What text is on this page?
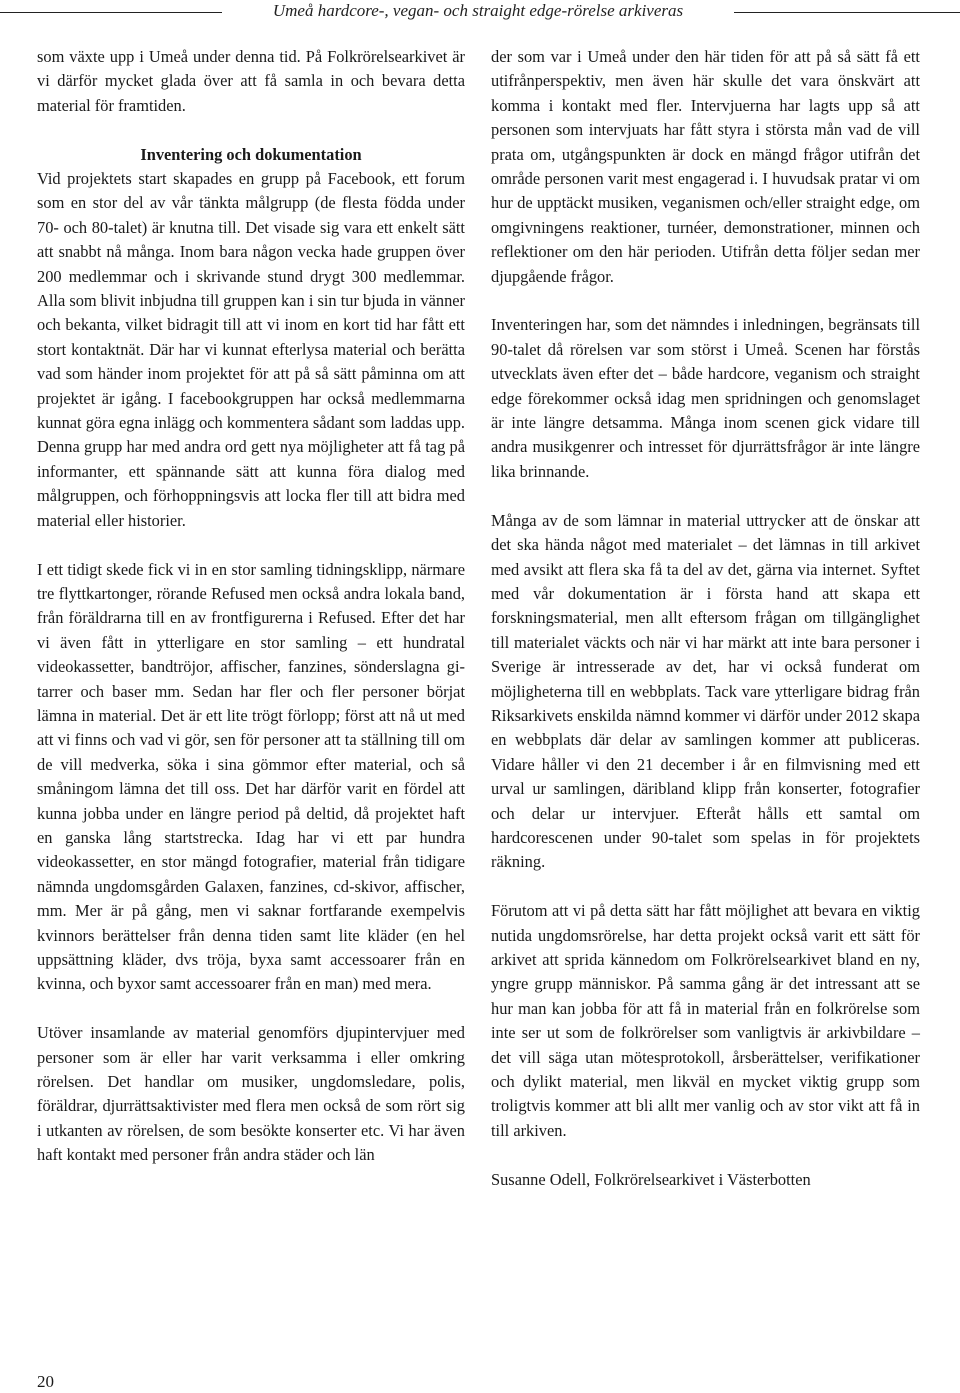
Umeå hardcore-, vegan- och straight edge-rörelse arkiveras

som växte upp i Umeå under denna tid. På Folkrörelsearkivet är vi därför mycket glada över att få samla in och bevara detta material för framtiden.

Inventering och dokumentation

Vid projektets start skapades en grupp på Facebook, ett forum som en stor del av vår tänkta målgrupp (de flesta födda under 70- och 80-talet) är knutna till. Det visade sig vara ett enkelt sätt att snabbt nå många. Inom bara någon vecka hade gruppen över 200 medlemmar och i skrivande stund drygt 300 medlemmar. Alla som blivit inbjudna till gruppen kan i sin tur bjuda in vänner och bekanta, vilket bidragit till att vi inom en kort tid har fått ett stort kontaktnät. Där har vi kunnat efterlysa material och berätta vad som händer inom projektet för att på så sätt påminna om att projektet är igång. I facebookgruppen har också medlemmarna kunnat göra egna inlägg och kommentera sådant som laddas upp. Denna grupp har med andra ord gett nya möjligheter att få tag på informanter, ett spännande sätt att kunna föra dialog med målgruppen, och förhoppningsvis att locka fler till att bidra med material eller historier.

I ett tidigt skede fick vi in en stor samling tidningsklipp, närmare tre flyttkartonger, rörande Refused men också andra lokala band, från föräldrarna till en av frontfigurerna i Refused. Efter det har vi även fått in ytterligare en stor samling – ett hundratal videokassetter, bandtröjor, affischer, fanzines, sönderslagna gitarrer och baser mm. Sedan har fler och fler personer börjat lämna in material. Det är ett lite trögt förlopp; först att nå ut med att vi finns och vad vi gör, sen för personer att ta ställning till om de vill medverka, söka i sina gömmor efter material, och så småningom lämna det till oss. Det har därför varit en fördel att kunna jobba under en längre period på deltid, då projektet haft en ganska lång startstrecka. Idag har vi ett par hundra videokassetter, en stor mängd fotografier, material från tidigare nämnda ungdomsgården Galaxen, fanzines, cd-skivor, affischer, mm. Mer är på gång, men vi saknar fortfarande exempelvis kvinnors berättelser från denna tiden samt lite kläder (en hel uppsättning kläder, dvs tröja, byxa samt accessoarer från en kvinna, och byxor samt accessoarer från en man) med mera.

Utöver insamlande av material genomförs djupintervjuer med personer som är eller har varit verksamma i eller omkring rörelsen. Det handlar om musiker, ungdomsledare, polis, föräldrar, djurrättsaktivister med flera men också de som rört sig i utkanten av rörelsen, de som besökte konserter etc. Vi har även haft kontakt med personer från andra städer och län

der som var i Umeå under den här tiden för att på så sätt få ett utifrånperspektiv, men även här skulle det vara önskvärt att komma i kontakt med fler. Intervjuerna har lagts upp så att personen som intervjuats har fått styra i största mån vad de vill prata om, utgångspunkten är dock en mängd frågor utifrån det område personen varit mest engagerad i. I huvudsak pratar vi om hur de upptäckt musiken, veganismen och/eller straight edge, om omgivningens reaktioner, turnéer, demonstrationer, minnen och reflektioner om den här perioden. Utifrån detta följer sedan mer djupgående frågor.

Inventeringen har, som det nämndes i inledningen, begränsats till 90-talet då rörelsen var som störst i Umeå. Scenen har förstås utvecklats även efter det – både hardcore, veganism och straight edge förekommer också idag men spridningen och genomslaget är inte längre detsamma. Många inom scenen gick vidare till andra musikgenrer och intresset för djurrättsfrågor är inte längre lika brinnande.

Många av de som lämnar in material uttrycker att de önskar att det ska hända något med materialet – det lämnas in till arkivet med avsikt att flera ska få ta del av det, gärna via internet. Syftet med vår dokumentation är i första hand att skapa ett forskningsmaterial, men allt eftersom frågan om tillgänglighet till materialet väckts och när vi har märkt att inte bara personer i Sverige är intresserade av det, har vi också funderat om möjligheterna till en webbplats. Tack vare ytterligare bidrag från Riksarkivets enskilda nämnd kommer vi därför under 2012 skapa en webbplats där delar av samlingen kommer att publiceras. Vidare håller vi den 21 december i år en filmvisning med ett urval ur samlingen, däribland klipp från konserter, fotografier och delar ur intervjuer. Efteråt hålls ett samtal om hardcorescenen under 90-talet som spelas in för projektets räkning.

Förutom att vi på detta sätt har fått möjlighet att bevara en viktig nutida ungdomsrörelse, har detta projekt också varit ett sätt för arkivet att sprida kännedom om Folkrörelsearkivet bland en ny, yngre grupp människor. På samma gång är det intressant att se hur man kan jobba för att få in material från en folkrörelse som inte ser ut som de folkrörelser som vanligtvis är arkivbildare – det vill säga utan mötesprotokoll, årsberättelser, verifikationer och dylikt material, men likväl en mycket viktig grupp som troligtvis kommer att bli allt mer vanlig och av stor vikt att få in till arkiven.

Susanne Odell, Folkrörelsearkivet i Västerbotten

20
